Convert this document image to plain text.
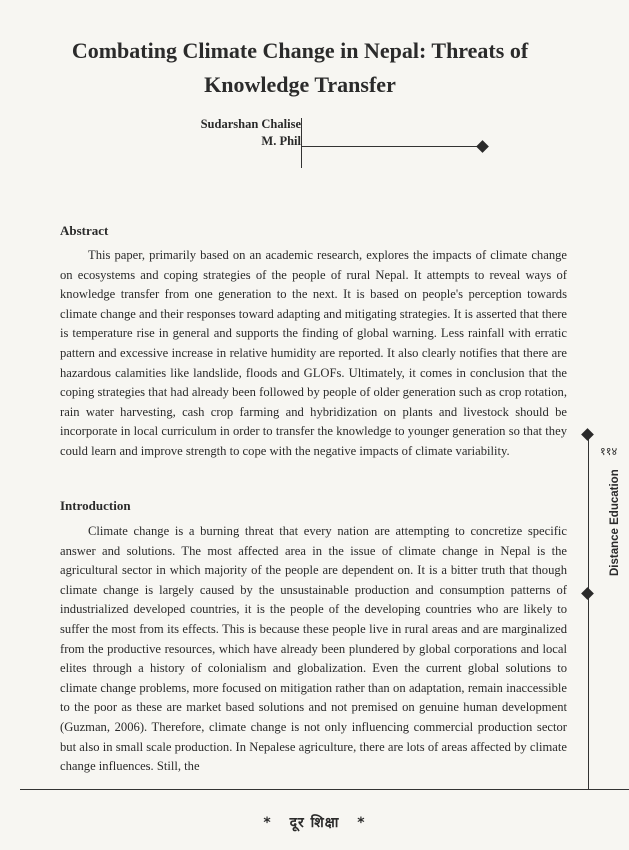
Combating Climate Change in Nepal: Threats of Knowledge Transfer
Sudarshan Chalise
M. Phil
Abstract

This paper, primarily based on an academic research, explores the impacts of climate change on ecosystems and coping strategies of the people of rural Nepal. It attempts to reveal ways of knowledge transfer from one generation to the next. It is based on people's perception towards climate change and their responses toward adapting and mitigating strategies. It is asserted that there is temperature rise in general and supports the finding of global warning. Less rainfall with erratic pattern and excessive increase in relative humidity are reported. It also clearly notifies that there are hazardous calamities like landslide, floods and GLOFs. Ultimately, it comes in conclusion that the coping strategies that had already been followed by people of older generation such as crop rotation, rain water harvesting, cash crop farming and hybridization on plants and livestock should be incorporate in local curriculum in order to transfer the knowledge to younger generation so that they could learn and improve strength to cope with the negative impacts of climate variability.

Introduction

Climate change is a burning threat that every nation are attempting to concretize specific answer and solutions. The most affected area in the issue of climate change in Nepal is the agricultural sector in which majority of the people are dependent on. It is a bitter truth that though climate change is largely caused by the unsustainable production and consumption patterns of industrialized developed countries, it is the people of the developing countries who are likely to suffer the most from its effects. This is because these people live in rural areas and are marginalized from the productive resources, which have already been plundered by global corporations and local elites through a history of colonialism and globalization. Even the current global solutions to climate change problems, more focused on mitigation rather than on adaptation, remain inaccessible to the poor as these are market based solutions and not premised on genuine human development (Guzman, 2006). Therefore, climate change is not only influencing commercial production sector but also in small scale production. In Nepalese agriculture, there are lots of areas affected by climate change influences. Still, the

११४
Distance Education
* दूर शिक्षा *
